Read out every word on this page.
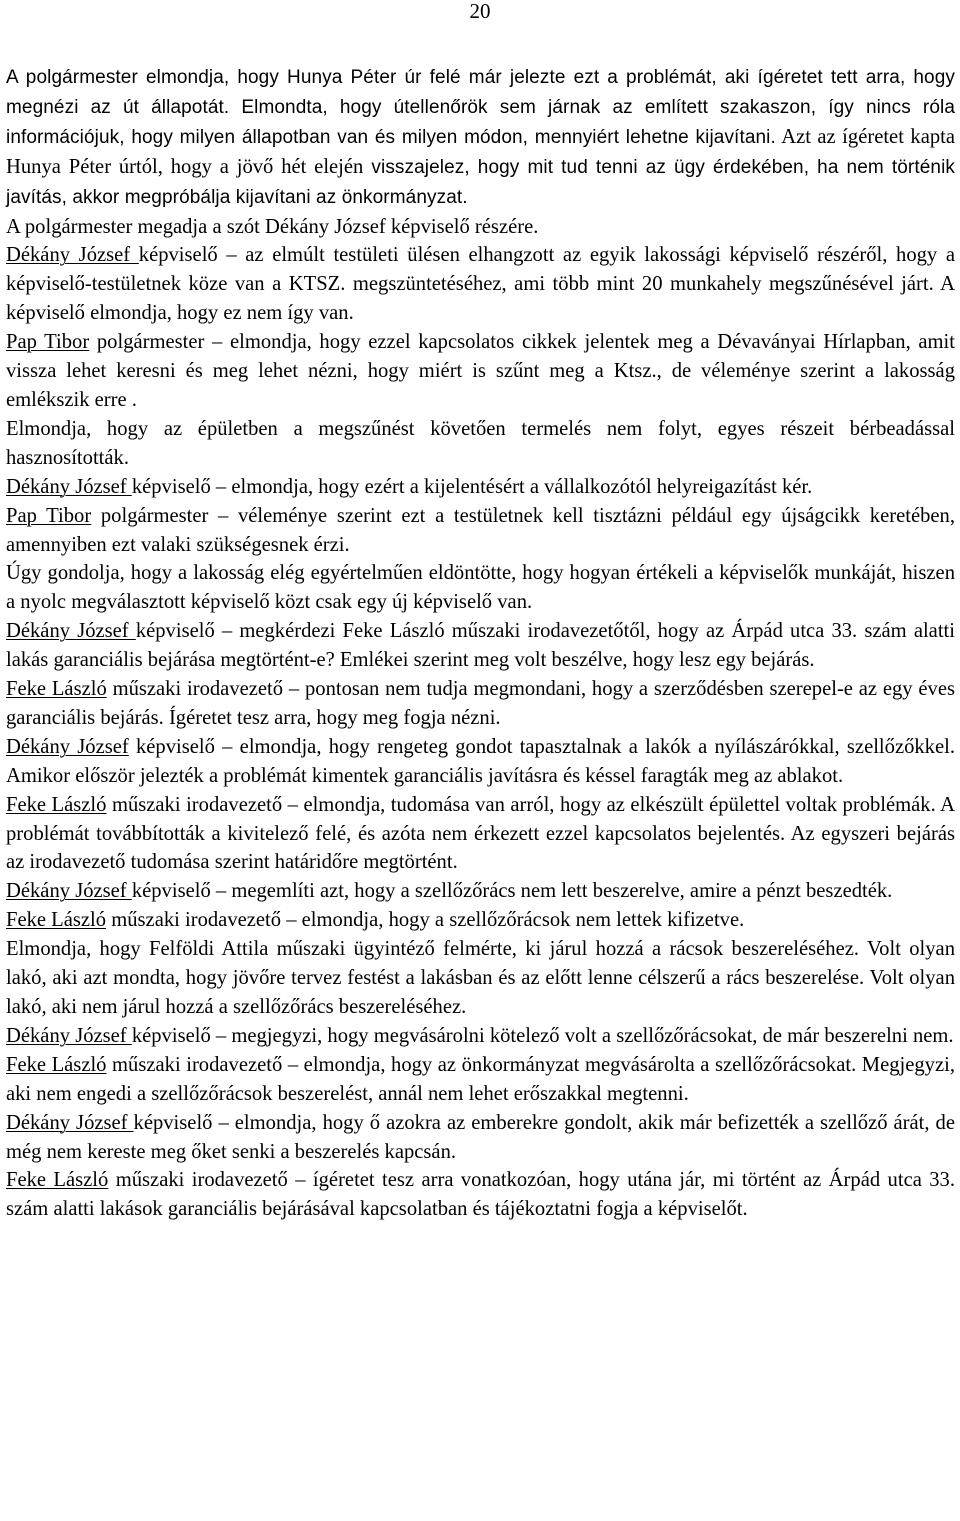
20

A polgármester elmondja, hogy Hunya Péter úr felé már jelezte ezt a problémát, aki ígéretet tett arra, hogy megnézi az út állapotát. Elmondta, hogy útellenőrök sem járnak az említett szakaszon, így nincs róla információjuk, hogy milyen állapotban van és milyen módon, mennyiért lehetne kijavítani. Azt az ígéretet kapta Hunya Péter úrtól, hogy a jövő hét elején visszajelez, hogy mit tud tenni az ügy érdekében, ha nem történik javítás, akkor megpróbálja kijavítani az önkormányzat.

A polgármester megadja a szót Dékány József képviselő részére.

Dékány József képviselő – az elmúlt testületi ülésen elhangzott az egyik lakossági képviselő részéről, hogy a képviselő-testületnek köze van a KTSZ. megszüntetéséhez, ami több mint 20 munkahely megszűnésével járt. A képviselő elmondja, hogy ez nem így van.

Pap Tibor polgármester – elmondja, hogy ezzel kapcsolatos cikkek jelentek meg a Dévaványai Hírlapban, amit vissza lehet keresni és meg lehet nézni, hogy miért is szűnt meg a Ktsz., de véleménye szerint a lakosság emlékszik erre .

Elmondja, hogy az épületben a megszűnést követően termelés nem folyt, egyes részeit bérbeadással hasznosították.

Dékány József képviselő – elmondja, hogy ezért a kijelentésért a vállalkozótól helyreigazítást kér.

Pap Tibor polgármester – véleménye szerint ezt a testületnek kell tisztázni például egy újságcikk keretében, amennyiben ezt valaki szükségesnek érzi.

Úgy gondolja, hogy a lakosság elég egyértelműen eldöntötte, hogy hogyan értékeli a képviselők munkáját, hiszen a nyolc megválasztott képviselő közt csak egy új képviselő van.

Dékány József képviselő – megkérdezi Feke László műszaki irodavezetőtől, hogy az Árpád utca 33. szám alatti lakás garanciális bejárása megtörtént-e? Emlékei szerint meg volt beszélve, hogy lesz egy bejárás.

Feke László műszaki irodavezető – pontosan nem tudja megmondani, hogy a szerződésben szerepel-e az egy éves garanciális bejárás. Ígéretet tesz arra, hogy meg fogja nézni.

Dékány József képviselő – elmondja, hogy rengeteg gondot tapasztalnak a lakók a nyílászárókkal, szellőzőkkel. Amikor először jelezték a problémát kimentek garanciális javításra és késsel faragták meg az ablakot.

Feke László műszaki irodavezető – elmondja, tudomása van arról, hogy az elkészült épülettel voltak problémák. A problémát továbbították a kivitelező felé, és azóta nem érkezett ezzel kapcsolatos bejelentés. Az egyszeri bejárás az irodavezető tudomása szerint határidőre megtörtént.

Dékány József képviselő – megemlíti azt, hogy a szellőzőrács nem lett beszerelve, amire a pénzt beszedték.

Feke László műszaki irodavezető – elmondja, hogy a szellőzőrácsok nem lettek kifizetve.

Elmondja, hogy Felföldi Attila műszaki ügyintéző felmérte, ki járul hozzá a rácsok beszereléséhez. Volt olyan lakó, aki azt mondta, hogy jövőre tervez festést a lakásban és az előtt lenne célszerű a rács beszerelése. Volt olyan lakó, aki nem járul hozzá a szellőzőrács beszereléséhez.

Dékány József képviselő – megjegyzi, hogy megvásárolni kötelező volt a szellőzőrácsokat, de már beszerelni nem.

Feke László műszaki irodavezető – elmondja, hogy az önkormányzat megvásárolta a szellőzőrácsokat. Megjegyzi, aki nem engedi a szellőzőrácsok beszerelést, annál nem lehet erőszakkal megtenni.

Dékány József képviselő – elmondja, hogy ő azokra az emberekre gondolt, akik már befizették a szellőző árát, de még nem kereste meg őket senki a beszerelés kapcsán.

Feke László műszaki irodavezető – ígéretet tesz arra vonatkozóan, hogy utána jár, mi történt az Árpád utca 33. szám alatti lakások garanciális bejárásával kapcsolatban és tájékoztatni fogja a képviselőt.
